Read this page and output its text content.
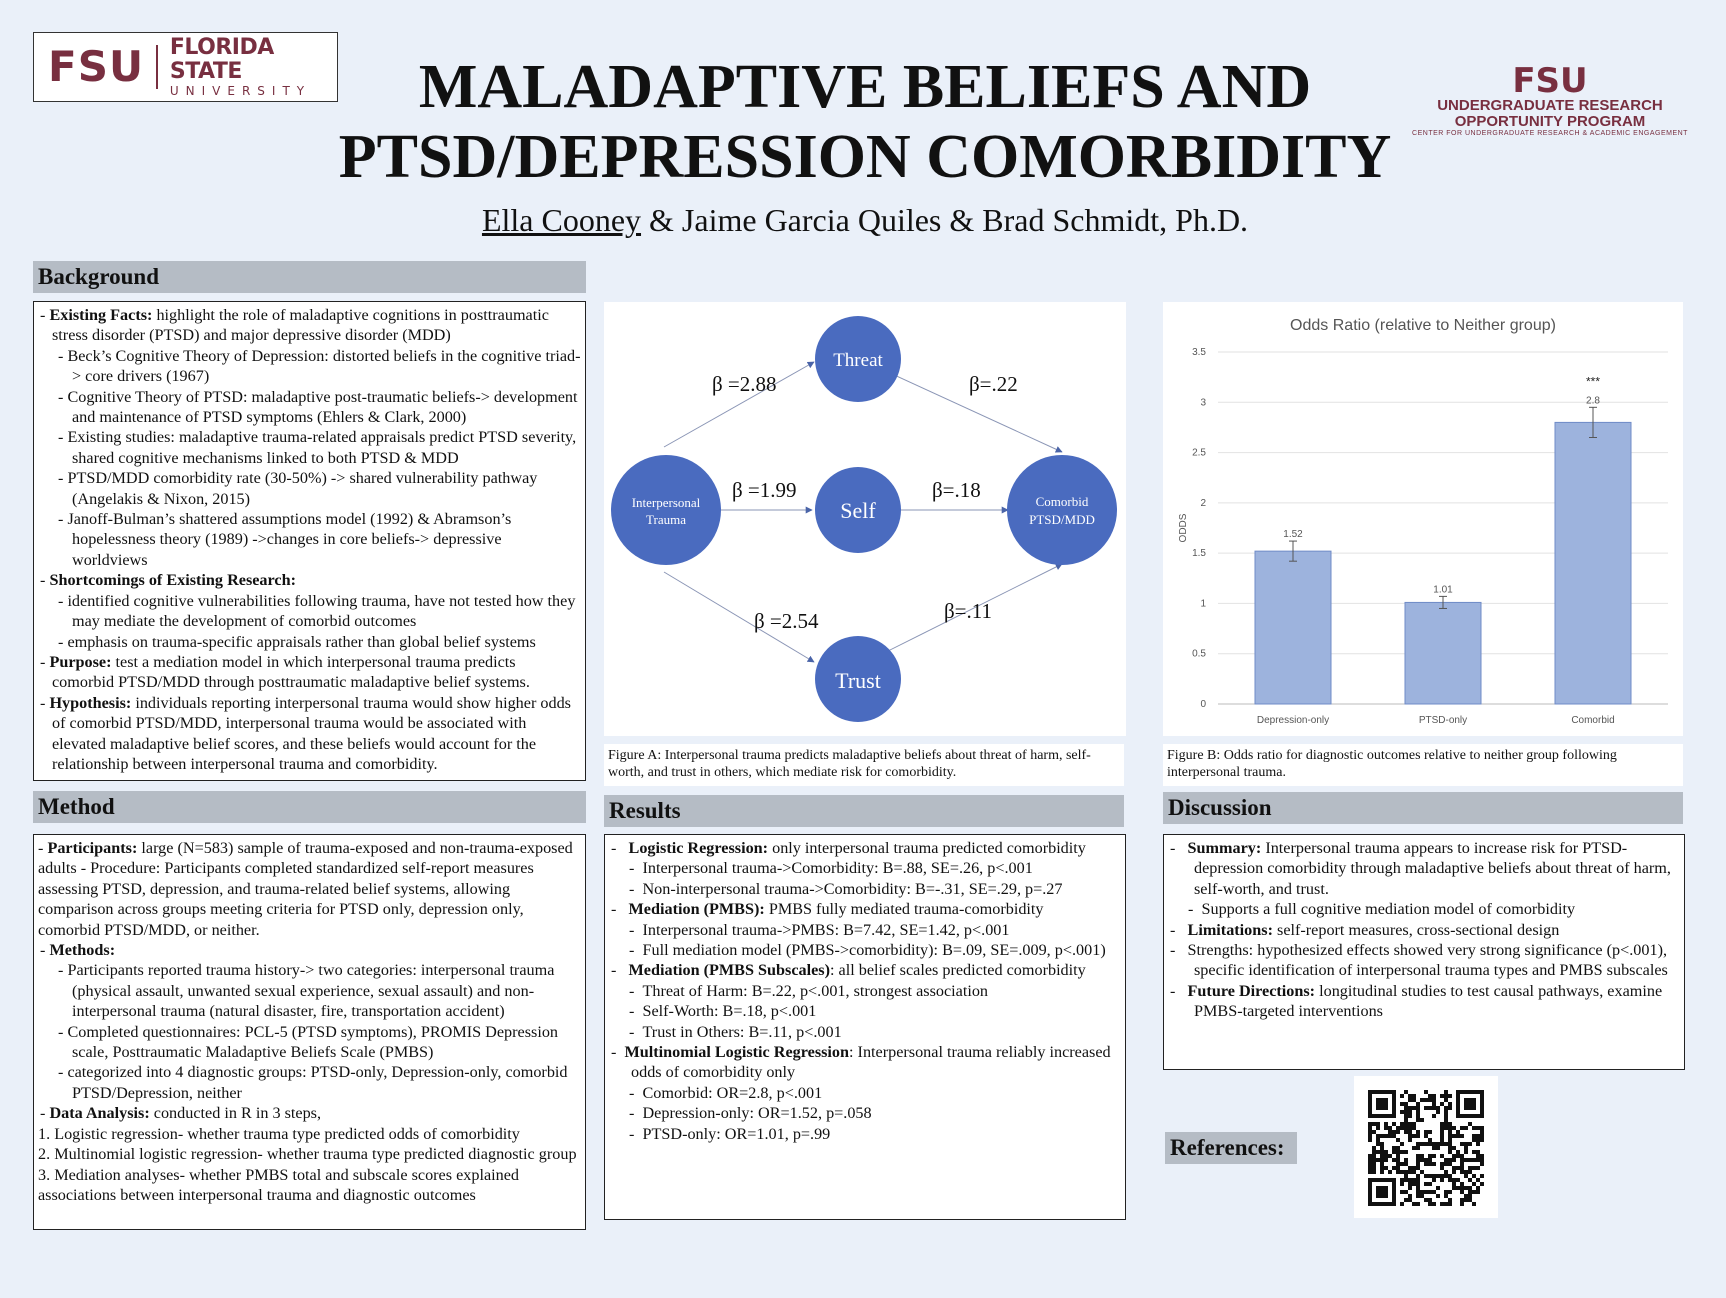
FSU FLORIDA STATE
UNIVERSITY	MALADAPTIVE BELIEFS AND
PTSD/DEPRESSION COMORBIDITY
Ella Cooney & Jaime Garcia Quiles & Brad Schmidt, Ph.D.
FSU
UNDERGRADUATE RESEARCH
OPPORTUNITY PROGRAM
CENTER FOR UNDERGRADUATE RESEARCH & ACADEMIC ENGAGEMENT
Background

- Existing Facts: highlight the role of maladaptive cognitions in posttraumatic stress disorder (PTSD) and major depressive disorder (MDD)

- Beck’s Cognitive Theory of Depression: distorted beliefs in the cognitive triad-> core drivers (1967)

- Cognitive Theory of PTSD: maladaptive post-traumatic beliefs-> development and maintenance of PTSD symptoms (Ehlers & Clark, 2000)

- Existing studies: maladaptive trauma-related appraisals predict PTSD severity, shared cognitive mechanisms linked to both PTSD & MDD

- PTSD/MDD comorbidity rate (30-50%) -> shared vulnerability pathway (Angelakis & Nixon, 2015)

- Janoff-Bulman’s shattered assumptions model (1992) & Abramson’s hopelessness theory (1989) ->changes in core beliefs-> depressive worldviews

- Shortcomings of Existing Research:

- identified cognitive vulnerabilities following trauma, have not tested how they may mediate the development of comorbid outcomes

- emphasis on trauma-specific appraisals rather than global belief systems

- Purpose: test a mediation model in which interpersonal trauma predicts comorbid PTSD/MDD through posttraumatic maladaptive belief systems.

- Hypothesis: individuals reporting interpersonal trauma would show higher odds of comorbid PTSD/MDD, interpersonal trauma would be associated with elevated maladaptive belief scores, and these beliefs would account for the relationship between interpersonal trauma and comorbidity.

Method

- Participants: large (N=583) sample of trauma-exposed and non-trauma-exposed adults - Procedure: Participants completed standardized self-report measures assessing PTSD, depression, and trauma-related belief systems, allowing comparison across groups meeting criteria for PTSD only, depression only, comorbid PTSD/MDD, or neither.

- Methods:

- Participants reported trauma history-> two categories: interpersonal trauma (physical assault, unwanted sexual experience, sexual assault) and non-interpersonal trauma (natural disaster, fire, transportation accident)

- Completed questionnaires: PCL-5 (PTSD symptoms), PROMIS Depression scale, Posttraumatic Maladaptive Beliefs Scale (PMBS)

- categorized into 4 diagnostic groups: PTSD-only, Depression-only, comorbid PTSD/Depression, neither

- Data Analysis: conducted in R in 3 steps,

1. Logistic regression- whether trauma type predicted odds of comorbidity

2. Multinomial logistic regression- whether trauma type predicted diagnostic group

3. Mediation analyses- whether PMBS total and subscale scores explained associations between interpersonal trauma and diagnostic outcomes

Interpersonal
Trauma
Threat
Self
Trust
Comorbid
PTSD/MDD
β =2.88	β=.22
β =1.99	β=.18
β =2.54	β=.11
Figure A: Interpersonal trauma predicts maladaptive beliefs about threat of harm, self-worth, and trust in others, which mediate risk for comorbidity.
Odds Ratio (relative to Neither group)
ODDS
0
0.5
1
1.5
2
2.5
3
3.5
1.52
1.01
2.8
Depression-only	PTSD-only	Comorbid
***
Figure B: Odds ratio for diagnostic outcomes relative to neither group following interpersonal trauma.
Results

-   Logistic Regression: only interpersonal trauma predicted comorbidity

-  Interpersonal trauma->Comorbidity: B=.88, SE=.26, p<.001

-  Non-interpersonal trauma->Comorbidity: B=-.31, SE=.29, p=.27

-   Mediation (PMBS): PMBS fully mediated trauma-comorbidity

-  Interpersonal trauma->PMBS: B=7.42, SE=1.42, p<.001

-  Full mediation model (PMBS->comorbidity): B=.09, SE=.009, p<.001)

-   Mediation (PMBS Subscales): all belief scales predicted comorbidity

-  Threat of Harm: B=.22, p<.001, strongest association

-  Self-Worth: B=.18, p<.001

-  Trust in Others: B=.11, p<.001

-  Multinomial Logistic Regression: Interpersonal trauma reliably increased odds of comorbidity only

-  Comorbid: OR=2.8, p<.001

-  Depression-only: OR=1.52, p=.058

-  PTSD-only: OR=1.01, p=.99

Discussion

-   Summary: Interpersonal trauma appears to increase risk for PTSD-depression comorbidity through maladaptive beliefs about threat of harm, self-worth, and trust.

-  Supports a full cognitive mediation model of comorbidity

-   Limitations: self-report measures, cross-sectional design

-   Strengths: hypothesized effects showed very strong significance (p<.001), specific identification of interpersonal trauma types and PMBS subscales

-   Future Directions: longitudinal studies to test causal pathways, examine PMBS-targeted interventions

References:
